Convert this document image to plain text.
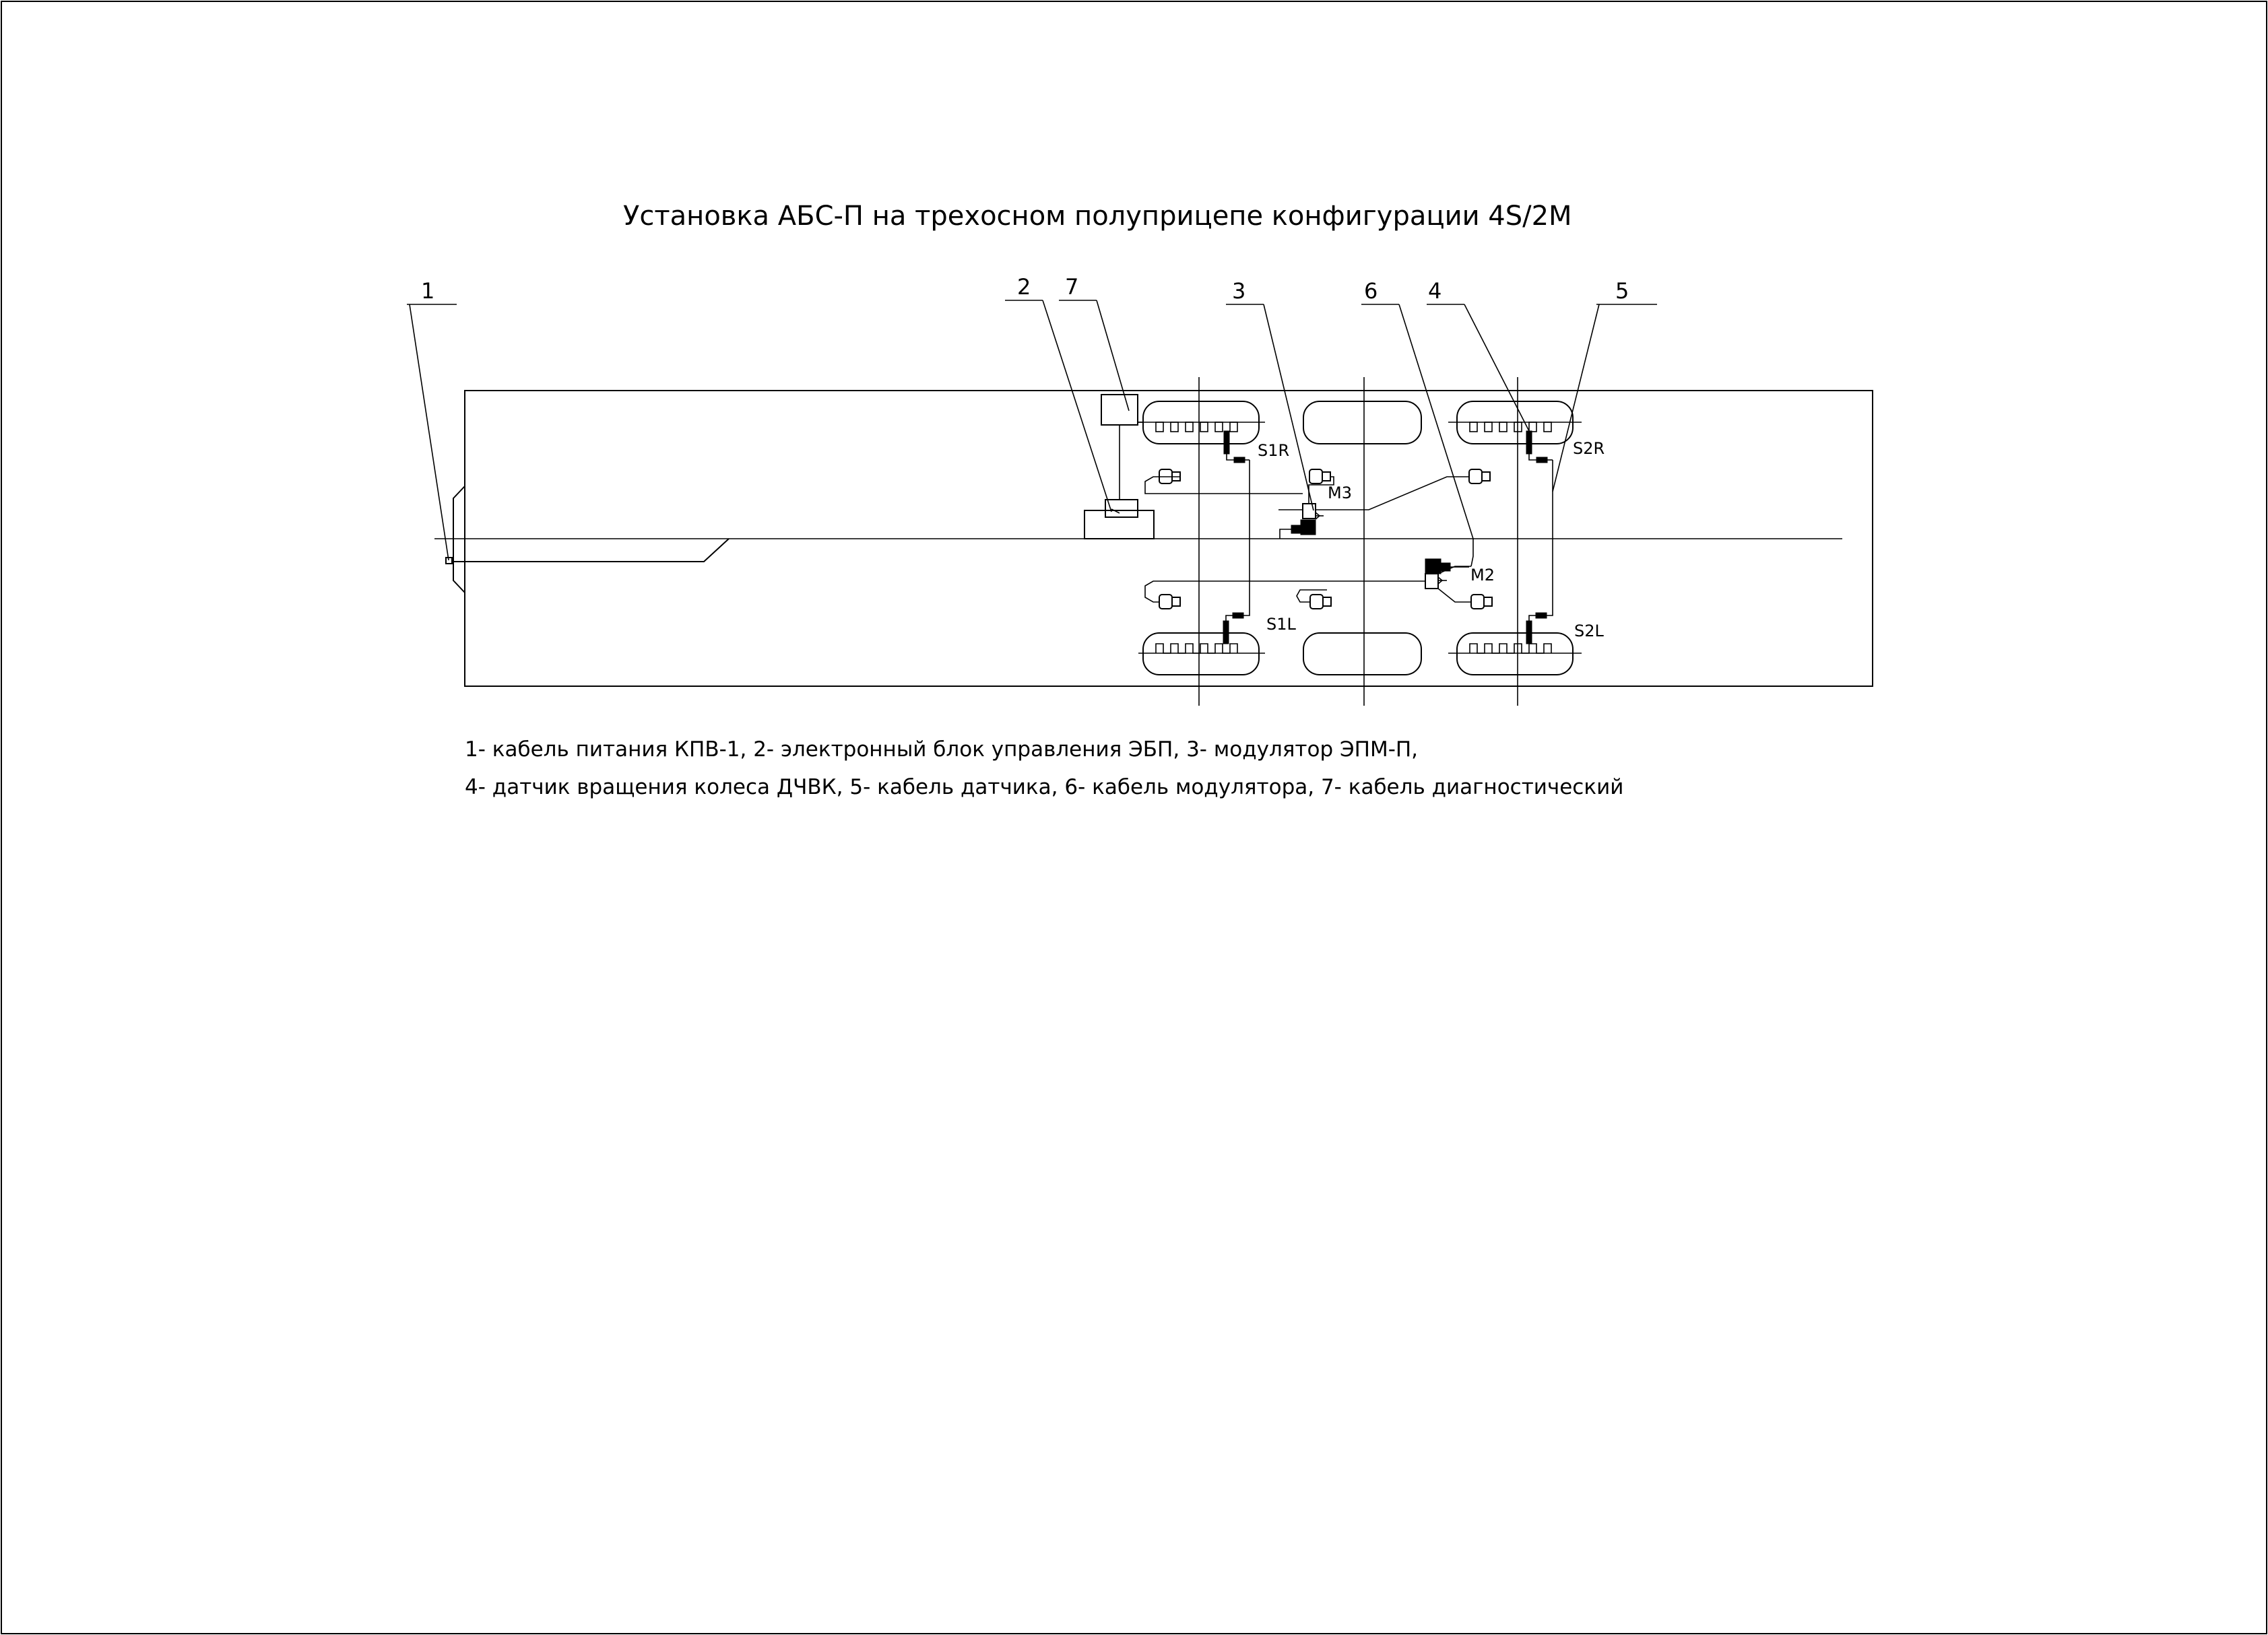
Установка АБС-П на трехосном полуприцепе конфигурации 4S/2M
S1R	S2R
S1L	S2L
M3
M2
1	2 7	3	6 4	5
1- кабель питания КПВ-1, 2- электронный блок управления ЭБП, 3- модулятор ЭПМ-П,
4- датчик вращения колеса ДЧВК, 5- кабель датчика, 6- кабель модулятора, 7- кабель диагностический
